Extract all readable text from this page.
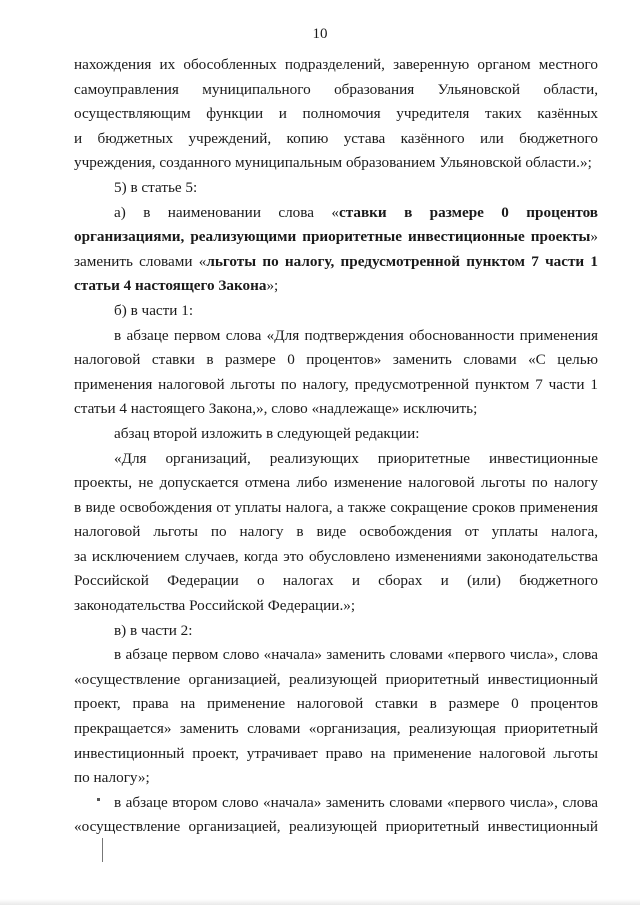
10
нахождения их обособленных подразделений, заверенную органом местного
самоуправления муниципального образования Ульяновской области,
осуществляющим функции и полномочия учредителя таких казённых
и бюджетных учреждений, копию устава казённого или бюджетного
учреждения, созданного муниципальным образованием Ульяновской области.»;
5) в статье 5:
а) в наименовании слова «ставки в размере 0 процентов
организациями, реализующими приоритетные инвестиционные проекты»
заменить словами «льготы по налогу, предусмотренной пунктом 7 части 1
статьи 4 настоящего Закона»;
б) в части 1:
в абзаце первом слова «Для подтверждения обоснованности применения
налоговой ставки в размере 0 процентов» заменить словами «С целью
применения налоговой льготы по налогу, предусмотренной пунктом 7 части 1
статьи 4 настоящего Закона,», слово «надлежаще» исключить;
абзац второй изложить в следующей редакции:
«Для организаций, реализующих приоритетные инвестиционные
проекты, не допускается отмена либо изменение налоговой льготы по налогу
в виде освобождения от уплаты налога, а также сокращение сроков применения
налоговой льготы по налогу в виде освобождения от уплаты налога,
за исключением случаев, когда это обусловлено изменениями законодательства
Российской Федерации о налогах и сборах и (или) бюджетного
законодательства Российской Федерации.»;
в) в части 2:
в абзаце первом слово «начала» заменить словами «первого числа», слова
«осуществление организацией, реализующей приоритетный инвестиционный
проект, права на применение налоговой ставки в размере 0 процентов
прекращается» заменить словами «организация, реализующая приоритетный
инвестиционный проект, утрачивает право на применение налоговой льготы
по налогу»;
в абзаце втором слово «начала» заменить словами «первого числа», слова
«осуществление организацией, реализующей приоритетный инвестиционный
